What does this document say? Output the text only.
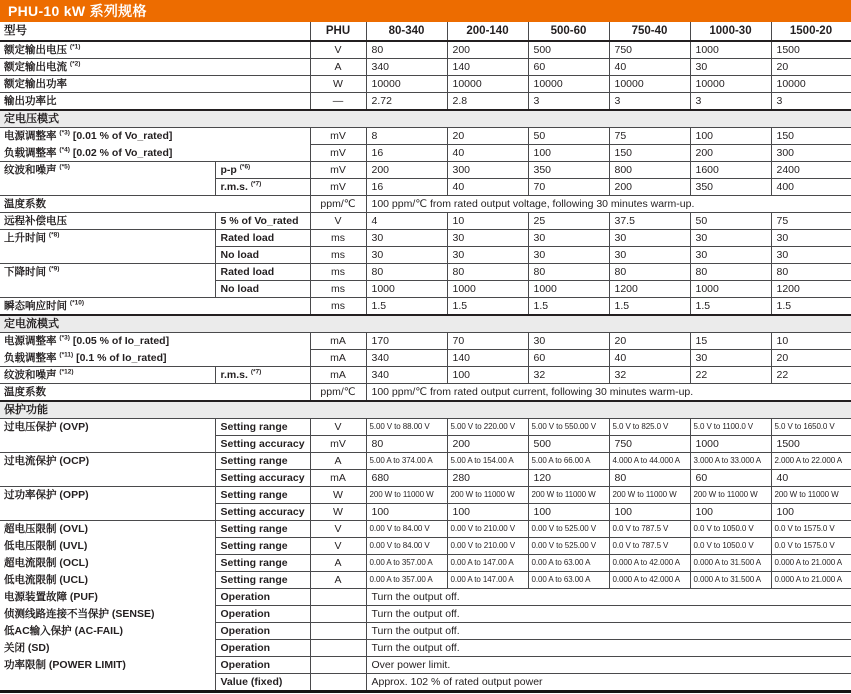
PHU-10 kW 系列规格
型号		PHU	80-340	200-140	500-60	750-40	1000-30	1500-20
额定输出电压 $^{(*1)}$		V	80	200	500	750	1000	1500
额定输出电流 $^{(*2)}$		A	340	140	60	40	30	20
额定输出功率		W	10000	10000	10000	10000	10000	10000
输出功率比		—	2.72	2.8	3	3	3	3
定电压模式								
电源调整率 $^{(*3)}$ [0.01 % of Vo_rated]		mV	8	20	50	75	100	150
负载调整率 $^{(*4)}$ [0.02 % of Vo_rated]		mV	16	40	100	150	200	300
纹波和噪声 $^{(*5)}$	p-p $^{(*6)}$	mV	200	300	350	800	1600	2400
	r.m.s. $^{(*7)}$	mV	16	40	70	200	350	400
温度系数		ppm/℃	100 ppm/℃ from rated output voltage, following 30 minutes warm-up.					
远程补偿电压	5 % of Vo_rated	V	4	10	25	37.5	50	75
上升时间 $^{(*8)}$	Rated load	ms	30	30	30	30	30	30
	No load	ms	30	30	30	30	30	30
下降时间 $^{(*9)}$	Rated load	ms	80	80	80	80	80	80
	No load	ms	1000	1000	1000	1200	1000	1200
瞬态响应时间 $^{(*10)}$		ms	1.5	1.5	1.5	1.5	1.5	1.5
定电流模式								
电源调整率 $^{(*3)}$ [0.05 % of Io_rated]		mA	170	70	30	20	15	10
负载调整率 $^{(*11)}$ [0.1 % of Io_rated]		mA	340	140	60	40	30	20
纹波和噪声 $^{(*12)}$	r.m.s. $^{(*7)}$	mA	340	100	32	32	22	22
温度系数		ppm/℃	100 ppm/℃ from rated output current, following 30 minutes warm-up.					
保护功能								
过电压保护 (OVP)	Setting range	V	5.00 V to 88.00 V	5.00 V to 220.00 V	5.00 V to 550.00 V	5.0 V to 825.0 V	5.0 V to 1100.0 V	5.0 V to 1650.0 V
	Setting accuracy	mV	80	200	500	750	1000	1500
过电流保护 (OCP)	Setting range	A	5.00 A to 374.00 A	5.00 A to 154.00 A	5.00 A to 66.00 A	4.000 A to 44.000 A	3.000 A to 33.000 A	2.000 A to 22.000 A
	Setting accuracy	mA	680	280	120	80	60	40
过功率保护 (OPP)	Setting range	W	200 W to 11000 W	200 W to 11000 W	200 W to 11000 W	200 W to 11000 W	200 W to 11000 W	200 W to 11000 W
	Setting accuracy	W	100	100	100	100	100	100
超电压限制 (OVL)	Setting range	V	0.00 V to 84.00 V	0.00 V to 210.00 V	0.00 V to 525.00 V	0.0 V to 787.5 V	0.0 V to 1050.0 V	0.0 V to 1575.0 V
低电压限制 (UVL)	Setting range	V	0.00 V to 84.00 V	0.00 V to 210.00 V	0.00 V to 525.00 V	0.0 V to 787.5 V	0.0 V to 1050.0 V	0.0 V to 1575.0 V
超电流限制 (OCL)	Setting range	A	0.00 A to 357.00 A	0.00 A to 147.00 A	0.00 A to 63.00 A	0.000 A to 42.000 A	0.000 A to 31.500 A	0.000 A to 21.000 A
低电流限制 (UCL)	Setting range	A	0.00 A to 357.00 A	0.00 A to 147.00 A	0.00 A to 63.00 A	0.000 A to 42.000 A	0.000 A to 31.500 A	0.000 A to 21.000 A
电源装置故障 (PUF)	Operation		Turn the output off.					
侦测线路连接不当保护 (SENSE)	Operation		Turn the output off.					
低AC输入保护 (AC-FAIL)	Operation		Turn the output off.					
关闭 (SD)	Operation		Turn the output off.					
功率限制 (POWER LIMIT)	Operation		Over power limit.					
	Value (fixed)		Approx. 102 % of rated output power					
